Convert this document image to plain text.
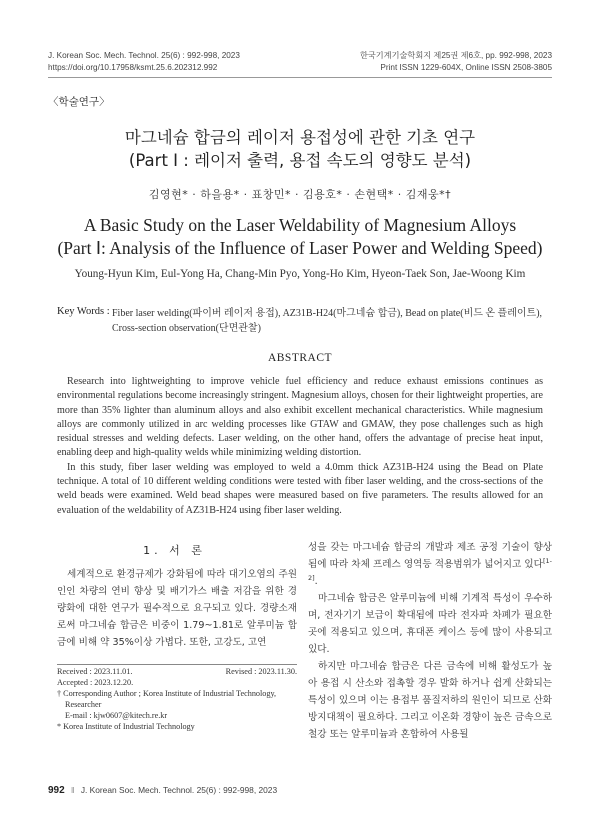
J. Korean Soc. Mech. Technol. 25(6) : 992-998, 2023
https://doi.org/10.17958/ksmt.25.6.202312.992
한국기계기술학회지 제25권 제6호, pp. 992-998, 2023
Print ISSN 1229-604X, Online ISSN 2508-3805
〈학술연구〉
마그네슘 합금의 레이저 용접성에 관한 기초 연구
(Part Ⅰ : 레이저 출력, 용접 속도의 영향도 분석)
김영현* · 하을용* · 표창민* · 김용호* · 손현택* · 김재웅*†
A Basic Study on the Laser Weldability of Magnesium Alloys
(Part Ⅰ: Analysis of the Influence of Laser Power and Welding Speed)
Young-Hyun Kim, Eul-Yong Ha, Chang-Min Pyo, Yong-Ho Kim, Hyeon-Taek Son, Jae-Woong Kim
Key Words : Fiber laser welding(파이버 레이저 용접), AZ31B-H24(마그네슘 합금), Bead on plate(비드 온 플레이트), Cross-section observation(단면관찰)
ABSTRACT

Research into lightweighting to improve vehicle fuel efficiency and reduce exhaust emissions continues as environmental regulations become increasingly stringent. Magnesium alloys, chosen for their lightweight properties, are more than 35% lighter than aluminum alloys and also exhibit excellent mechanical characteristics. While magnesium alloys are commonly utilized in arc welding processes like GTAW and GMAW, they pose challenges such as high residual stresses and welding defects. Laser welding, on the other hand, offers the advantage of precise heat input, enabling deep and high-quality welds while minimizing welding distortion.

In this study, fiber laser welding was employed to weld a 4.0mm thick AZ31B-H24 using the Bead on Plate technique. A total of 10 different welding conditions were tested with fiber laser welding, and the cross-sections of the weld beads were examined. Weld bead shapes were measured based on five parameters. The results allowed for an evaluation of the weldability of AZ31B-H24 using fiber laser welding.

1. 서 론

세계적으로 환경규제가 강화됨에 따라 대기오염의 주원인인 차량의 연비 향상 및 배기가스 배출 저감을 위한 경량화에 대한 연구가 필수적으로 요구되고 있다. 경량소재로써 마그네슘 합금은 비중이 1.79~1.81로 알루미늄 합금에 비해 약 35%이상 가볍다. 또한, 고강도, 고연

성을 갖는 마그네슘 합금의 개발과 제조 공정 기술이 향상됨에 따라 차체 프레스 영역등 적용범위가 넓어지고 있다[1-2].

마그네슘 합금은 알루미늄에 비해 기계적 특성이 우수하며, 전자기기 보급이 확대됨에 따라 전자파 차폐가 필요한 곳에 적용되고 있으며, 휴대폰 케이스 등에 많이 사용되고 있다.

하지만 마그네슘 합금은 다른 금속에 비해 활성도가 높아 용접 시 산소와 접촉할 경우 발화 하거나 쉽게 산화되는 특성이 있으며 이는 용접부 품질저하의 원인이 되므로 산화방지대책이 필요하다. 그리고 이온화 경향이 높은 금속으로 철강 또는 알루미늄과 혼합하여 사용될

Received : 2023.11.01.	Revised : 2023.11.30.
Accepted : 2023.12.20.
† Corresponding Author ; Korea Institute of Industrial Technology,
Researcher
E-mail : kjw0607@kitech.re.kr
* Korea Institute of Industrial Technology
992 ‖ J. Korean Soc. Mech. Technol. 25(6) : 992-998, 2023
